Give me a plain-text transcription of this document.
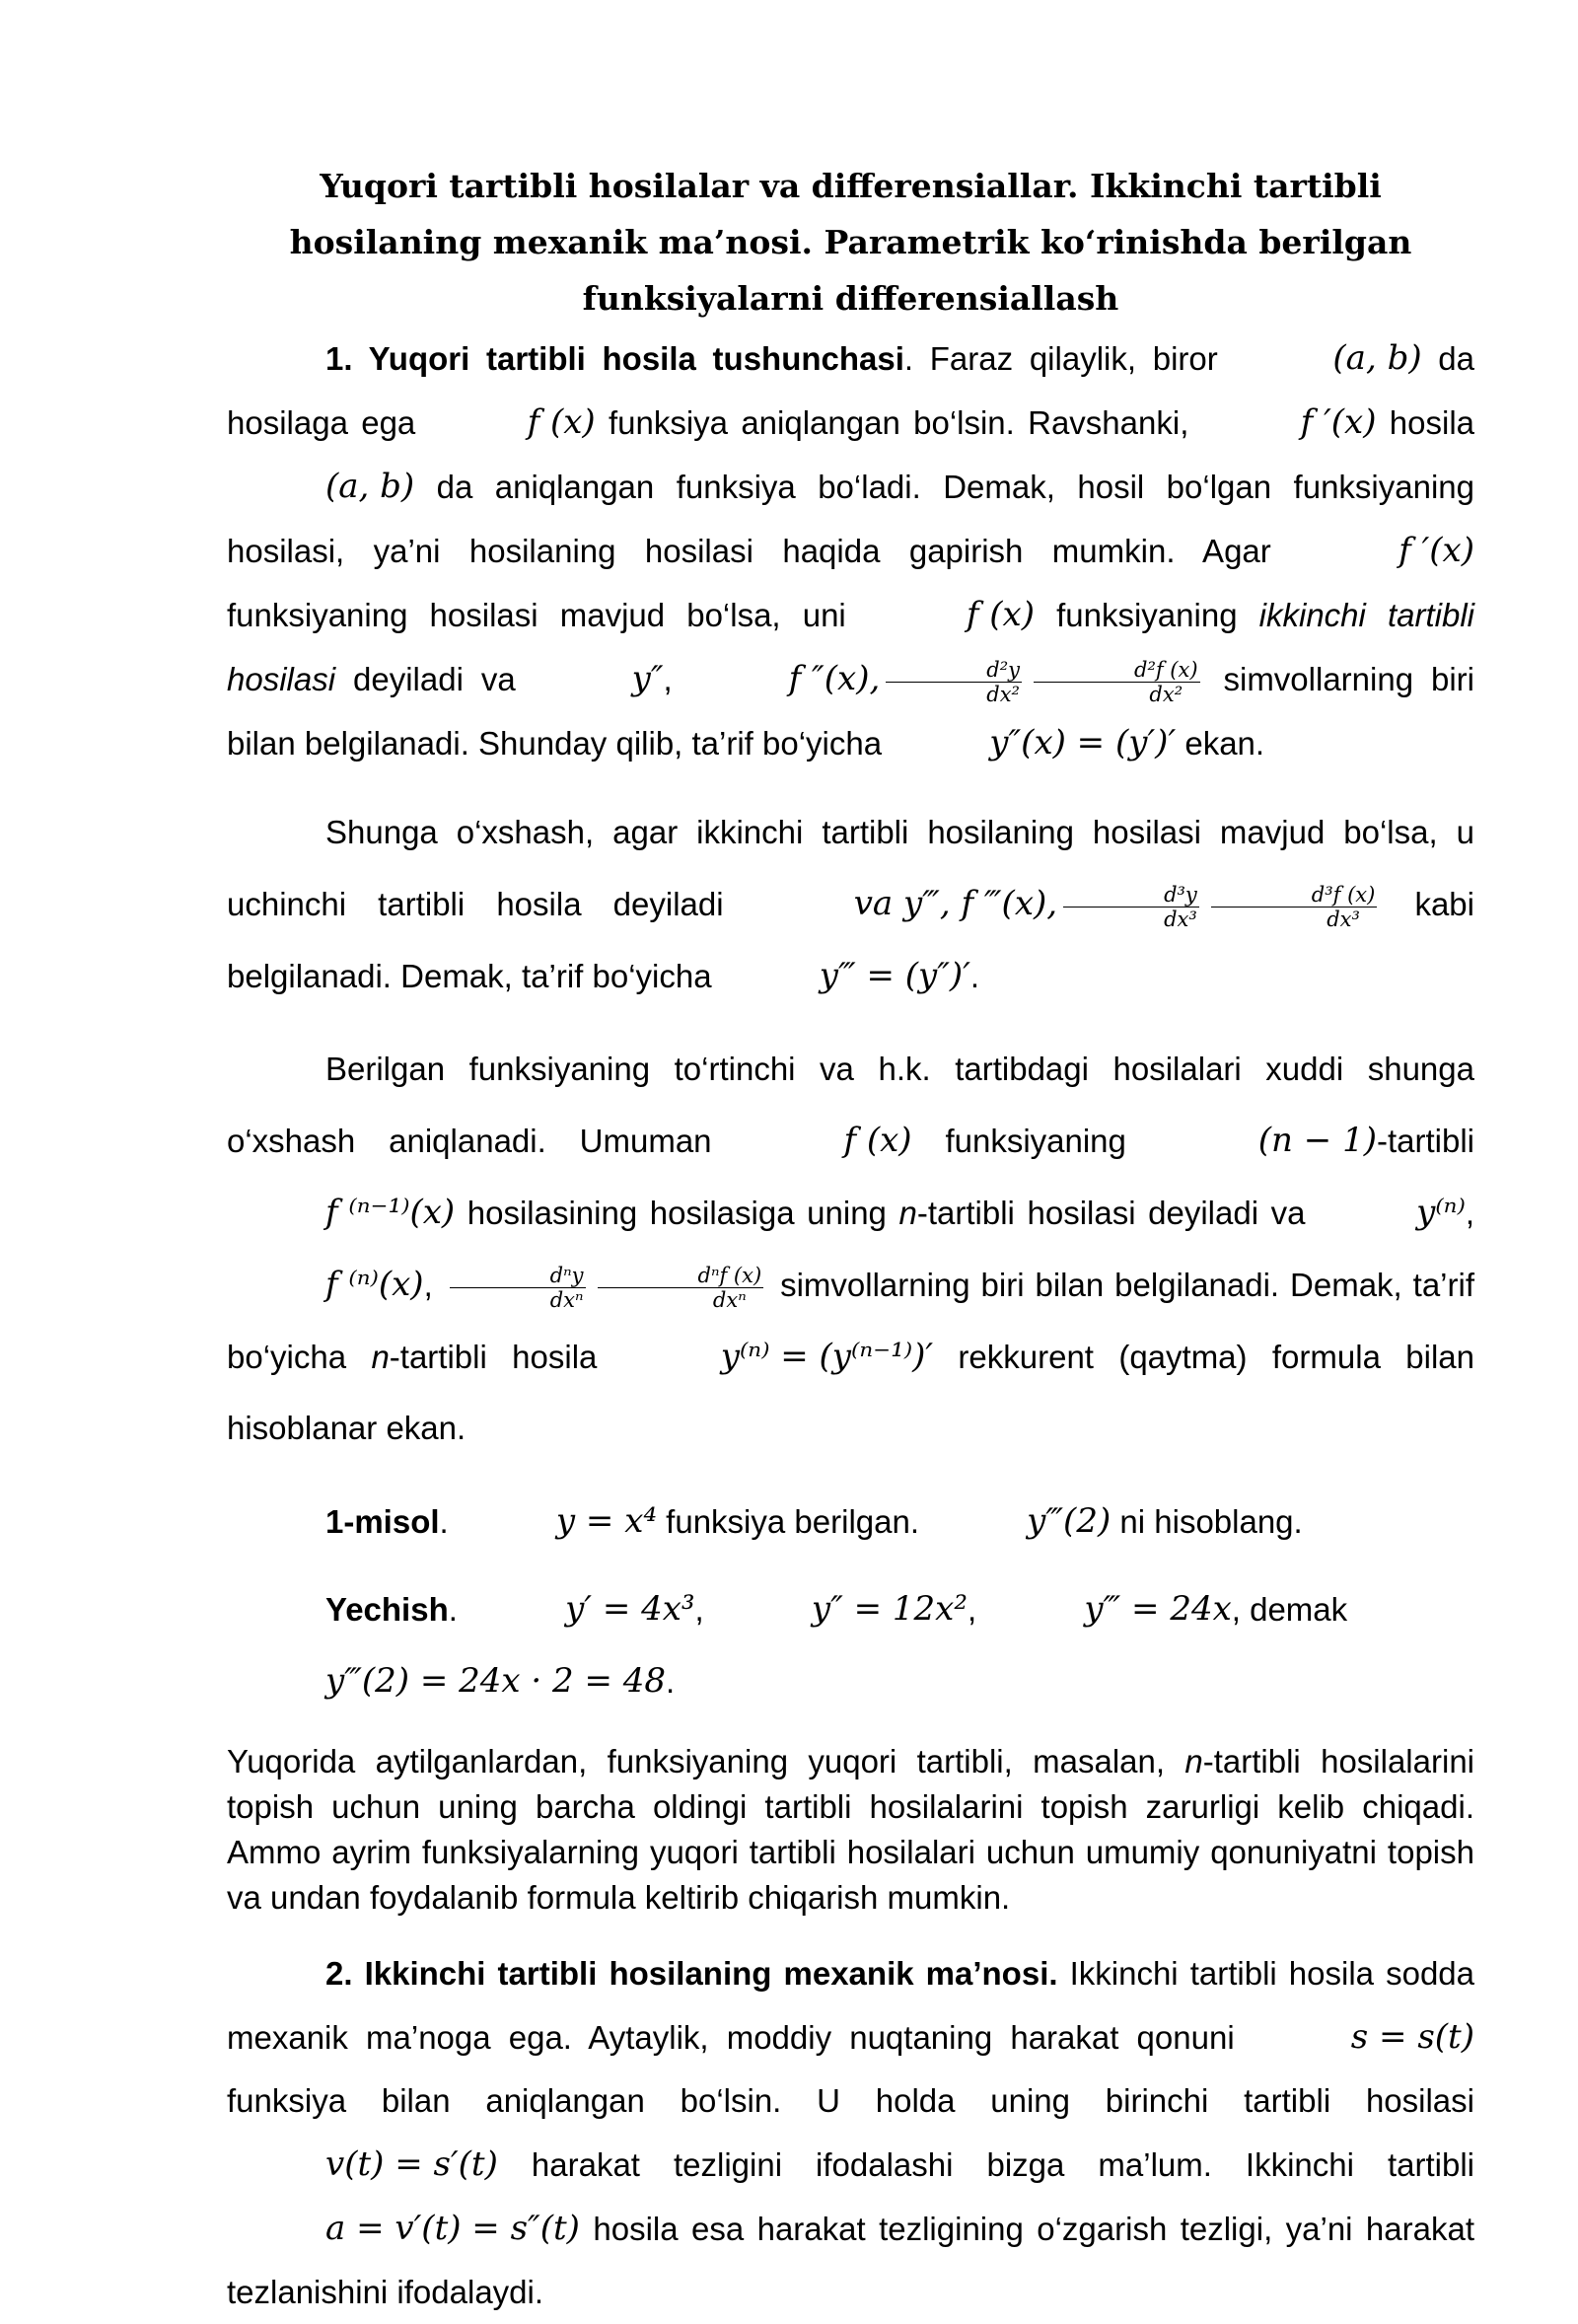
Yuqori tartibli hosilalar va differensiallar. Ikkinchi tartibli hosilaning mexanik ma’nosi. Parametrik ko‘rinishda berilgan funksiyalarni differensiallash

1. Yuqori tartibli hosila tushunchasi. Faraz qilaylik, biror	(a, b) da hosilaga ega	f (x) funksiya aniqlangan bo‘lsin. Ravshanki,	f ′(x) hosila (a, b) da aniqlangan funksiya bo‘ladi. Demak, hosil bo‘lgan funksiyaning hosilasi, ya’ni hosilaning hosilasi haqida gapirish mumkin. Agar	f ′(x) funksiyaning hosilasi mavjud bo‘lsa, uni	f (x) funksiyaning ikkinchi tartibli hosilasi deyiladi va	y″,	f ″(x), $\frac{\text{d²y}}{\text{dx²}} \frac{\text{d²f (x)}}{\text{dx²}}$ simvollarning biri bilan belgilanadi. Shunday qilib, ta’rif bo‘yicha	y″(x) = (y′)′ ekan.

Shunga o‘xshash, agar ikkinchi tartibli hosilaning hosilasi mavjud bo‘lsa, u uchinchi tartibli hosila deyiladi	va y‴, f ‴(x), $\frac{\text{d³y}}{\text{dx³}} \frac{\text{d³f (x)}}{\text{dx³}}$ kabi belgilanadi. Demak, ta’rif bo‘yicha	y‴ = (y″)′.

Berilgan funksiyaning to‘rtinchi va h.k. tartibdagi hosilalari xuddi shunga o‘xshash aniqlanadi. Umuman	f (x) funksiyaning	(n − 1)-tartibli f ⁽ⁿ⁻¹⁾(x) hosilasining hosilasiga uning n-tartibli hosilasi deyiladi va	y⁽ⁿ⁾, f ⁽ⁿ⁾(x), $\frac{\text{dⁿy}}{\text{dxⁿ}} \frac{\text{dⁿf (x)}}{\text{dxⁿ}}$ simvollarning biri bilan belgilanadi. Demak, ta’rif bo‘yicha n-tartibli hosila	y⁽ⁿ⁾ = (y⁽ⁿ⁻¹⁾)′ rekkurent (qaytma) formula bilan hisoblanar ekan.

1-misol.	y = x⁴ funksiya berilgan.	y‴(2) ni hisoblang.

Yechish.	y′ = 4x³,	y″ = 12x²,	y‴ = 24x, demak y‴(2) = 24x · 2 = 48.

Yuqorida aytilganlardan, funksiyaning yuqori tartibli, masalan, n-tartibli hosilalarini topish uchun uning barcha oldingi tartibli hosilalarini topish zarurligi kelib chiqadi. Ammo ayrim funksiyalarning yuqori tartibli hosilalari uchun umumiy qonuniyatni topish va undan foydalanib formula keltirib chiqarish mumkin.

2. Ikkinchi tartibli hosilaning mexanik ma’nosi. Ikkinchi tartibli hosila sodda mexanik ma’noga ega. Aytaylik, moddiy nuqtaning harakat qonuni	s = s(t) funksiya bilan aniqlangan bo‘lsin. U holda uning birinchi tartibli hosilasi v(t) = s′(t) harakat tezligini ifodalashi bizga ma’lum. Ikkinchi tartibli a = v′(t) = s″(t) hosila esa harakat tezligining o‘zgarish tezligi, ya’ni harakat tezlanishini ifodalaydi.
